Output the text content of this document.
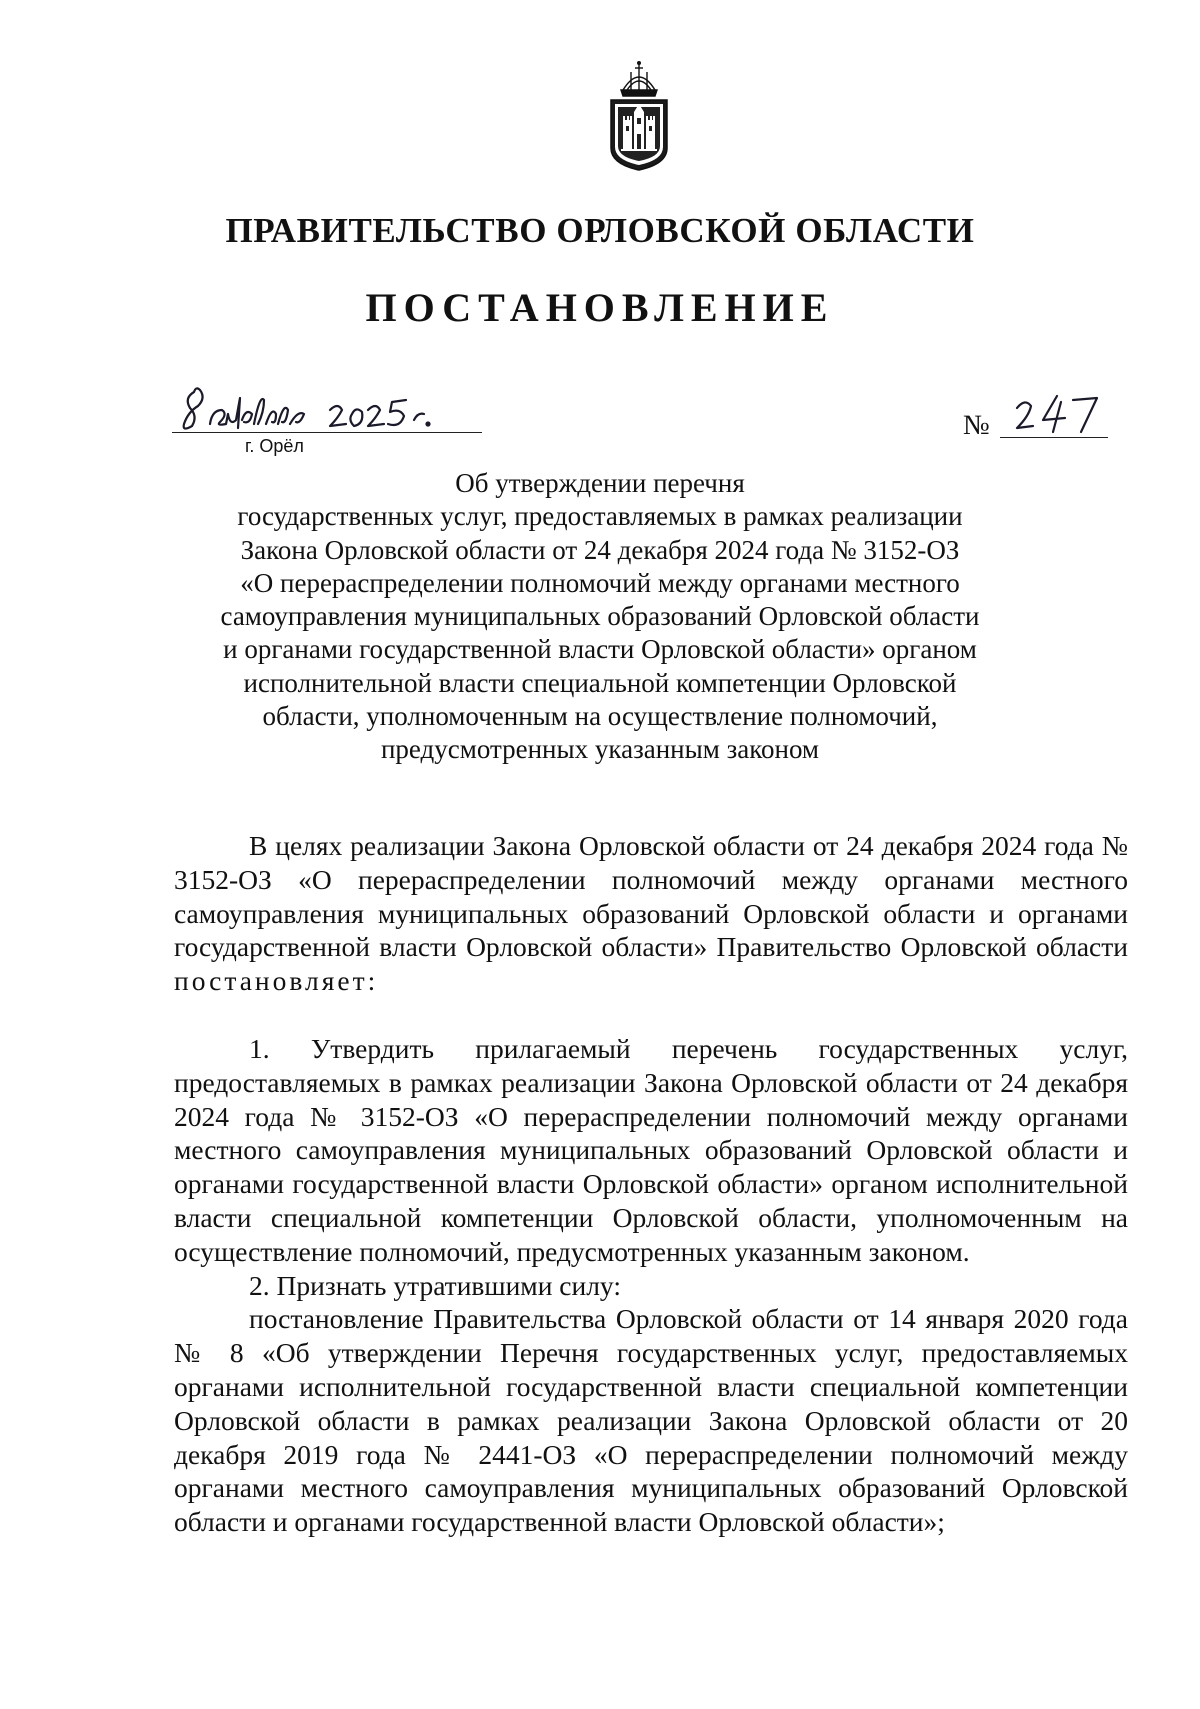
ПРАВИТЕЛЬСТВО ОРЛОВСКОЙ ОБЛАСТИ
ПОСТАНОВЛЕНИЕ
г. Орёл
№
Об утверждении перечня
государственных услуг, предоставляемых в рамках реализации
Закона Орловской области от 24 декабря 2024 года № 3152-ОЗ
«О перераспределении полномочий между органами местного
самоуправления муниципальных образований Орловской области
и органами государственной власти Орловской области» органом
исполнительной власти специальной компетенции Орловской
области, уполномоченным на осуществление полномочий,
предусмотренных указанным законом

В целях реализации Закона Орловской области от 24 декабря 2024 года № 3152-ОЗ «О перераспределении полномочий между органами местного самоуправления муниципальных образований Орловской области и органами государственной власти Орловской области» Правительство Орловской области постановляет:

1. Утвердить прилагаемый перечень государственных услуг, предоставляемых в рамках реализации Закона Орловской области от 24 декабря 2024 года № 3152-ОЗ «О перераспределении полномочий между органами местного самоуправления муниципальных образований Орловской области и органами государственной власти Орловской области» органом исполнительной власти специальной компетенции Орловской области, уполномоченным на осуществление полномочий, предусмотренных указанным законом.

2. Признать утратившими силу:

постановление Правительства Орловской области от 14 января 2020 года № 8 «Об утверждении Перечня государственных услуг, предоставляемых органами исполнительной государственной власти специальной компетенции Орловской области в рамках реализации Закона Орловской области от 20 декабря 2019 года № 2441-ОЗ «О перераспределении полномочий между органами местного самоуправления муниципальных образований Орловской области и органами государственной власти Орловской области»;
